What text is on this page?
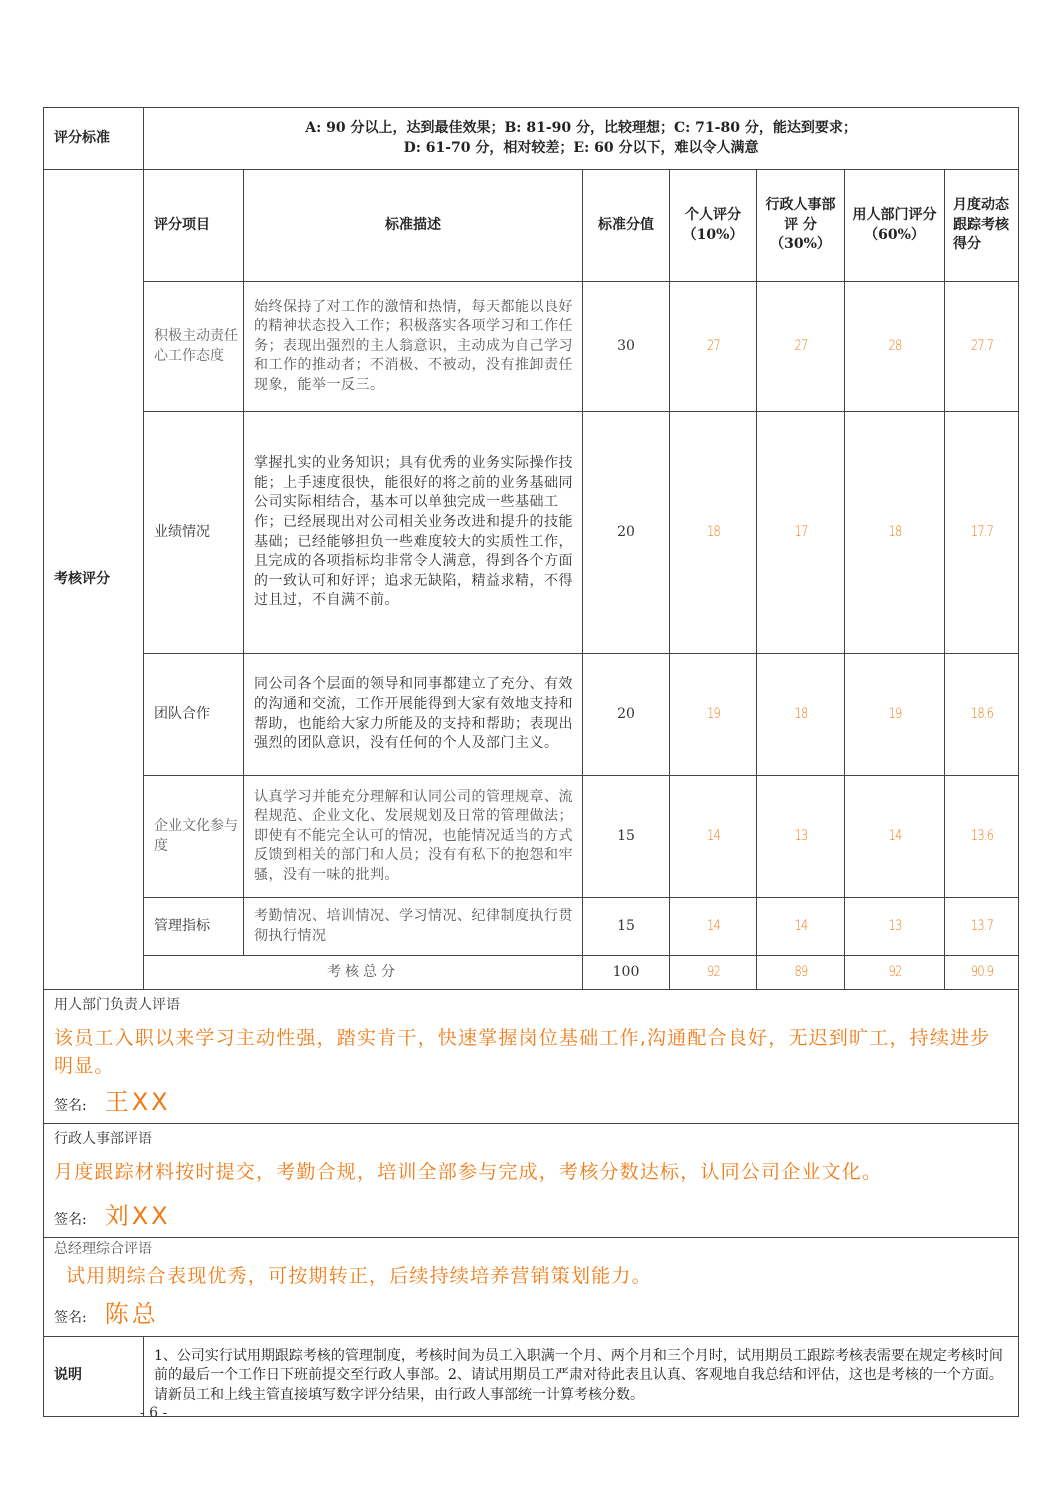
评分标准	A: 90 分以上，达到最佳效果；B: 81-90 分，比较理想；C: 71-80 分，能达到要求；
D: 61-70 分，相对较差；E: 60 分以下，难以令人满意						

考核评分	评分项目	标准描述	标准分值	个人评分（10%）	行政人事部 评 分（30%）	用人部门评分（60%）	月度动态跟踪考核得分
	积极主动责任心工作态度	始终保持了对工作的激情和热情，每天都能以良好的精神状态投入工作；积极落实各项学习和工作任务；表现出强烈的主人翁意识，主动成为自己学习和工作的推动者；不消极、不被动，没有推卸责任现象，能举一反三。	30	27	27	28	27.7
	业绩情况	掌握扎实的业务知识；具有优秀的业务实际操作技能；上手速度很快，能很好的将之前的业务基础同公司实际相结合，基本可以单独完成一些基础工作；已经展现出对公司相关业务改进和提升的技能基础；已经能够担负一些难度较大的实质性工作，且完成的各项指标均非常令人满意，得到各个方面的一致认可和好评；追求无缺陷，精益求精，不得过且过，不自满不前。	20	18	17	18	17.7
	团队合作	同公司各个层面的领导和同事都建立了充分、有效的沟通和交流，工作开展能得到大家有效地支持和帮助，也能给大家力所能及的支持和帮助；表现出强烈的团队意识，没有任何的个人及部门主义。	20	19	18	19	18.6
	企业文化参与度	认真学习并能充分理解和认同公司的管理规章、流程规范、企业文化、发展规划及日常的管理做法；即使有不能完全认可的情况，也能情况适当的方式反馈到相关的部门和人员；没有有私下的抱怨和牢骚，没有一味的批判。	15	14	13	14	13.6
	管理指标	考勤情况、培训情况、学习情况、纪律制度执行贯彻执行情况	15	14	14	13	13.7
	考核总分		100	92	89	92	90.9

用人部门负责人评语
该员工入职以来学习主动性强，踏实肯干，快速掌握岗位基础工作,沟通配合良好，无迟到旷工，持续进步明显。
签名: 王XX							

行政人事部评语
月度跟踪材料按时提交，考勤合规，培训全部参与完成，考核分数达标，认同公司企业文化。
签名: 刘XX							

总经理综合评语
试用期综合表现优秀，可按期转正，后续持续培养营销策划能力。
签名: 陈总							

说明	1、公司实行试用期跟踪考核的管理制度，考核时间为员工入职满一个月、两个月和三个月时，试用期员工跟踪考核表需要在规定考核时间前的最后一个工作日下班前提交至行政人事部。2、请试用期员工严肃对待此表且认真、客观地自我总结和评估，这也是考核的一个方面。请新员工和上线主管直接填写数字评分结果，由行政人事部统一计算考核分数。						
- 6 -
